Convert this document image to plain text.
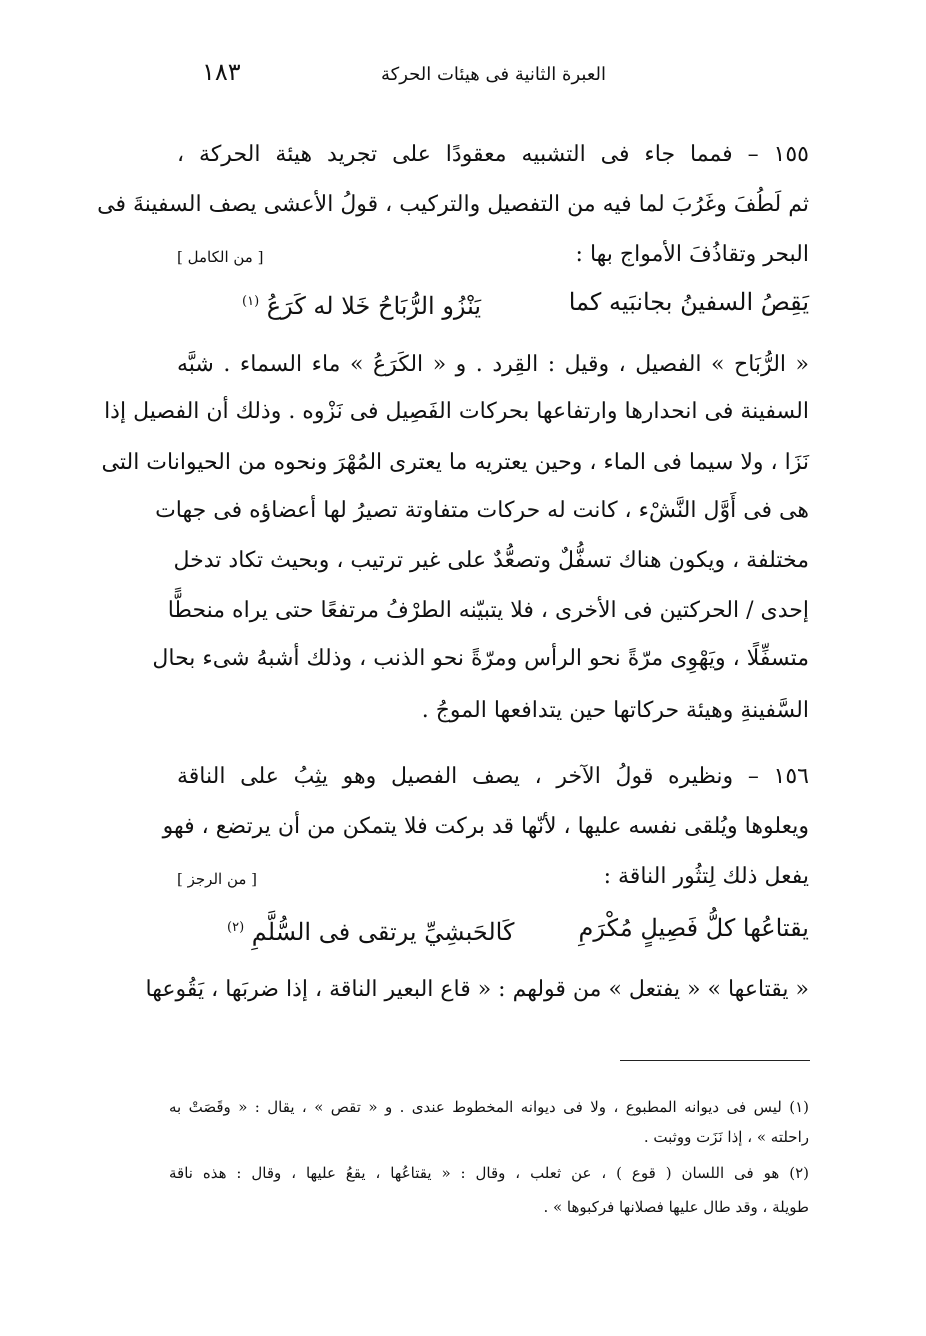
العبرة الثانية فى هيئات الحركة
١٨٣
١٥٥ – فمما جاء فى التشبيه معقودًا على تجريد هيئة الحركة ،
ثم لَطُفَ وغَرُبَ لما فيه من التفصيل والتركيب ، قولُ الأعشى يصف السفينةَ فى
البحر وتقاذُفَ الأمواج بها :
[ من الكامل ]
يَقِصُ السفينُ بجانبَيه كما
يَنْزُو الرُّبَاحُ خَلا له كَرَعُ $^{(١)}$
« الرُّبَاح » الفصيل ، وقيل : القِرد . و « الكَرَعُ » ماء السماء . شبَّه
السفينة فى انحدارها وارتفاعها بحركات الفَصِيل فى نَزْوه . وذلك أن الفصيل إذا
نَزَا ، ولا سيما فى الماء ، وحين يعتريه ما يعترى المُهْرَ ونحوه من الحيوانات التى
هى فى أَوَّل النَّشْء ، كانت له حركات متفاوتة تصيرُ لها أعضاؤه فى جهات
مختلفة ، ويكون هناك تسفُّلٌ وتصعُّدٌ على غير ترتيب ، وبحيث تكاد تدخل
إحدى / الحركتين فى الأخرى ، فلا يتبيّنه الطرْفُ مرتفعًا حتى يراه منحطًّا
متسفِّلًا ، ويَهْوِى مرّةً نحو الرأس ومرّةً نحو الذنب ، وذلك أشبهُ شىء بحال
السَّفينةِ وهيئة حركاتها حين يتدافعها الموجُ .
١٥٦ – ونظيره قولُ الآخر ، يصف الفصيل وهو يثِبُ على الناقة
ويعلوها ويُلقى نفسه عليها ، لأنّها قد بركت فلا يتمكن من أن يرتضع ، فهو
يفعل ذلك لِتثُور الناقة :
[ من الرجز ]
يقتاعُها كلُّ فَصِيلٍ مُكْرَمِ
كَالحَبشِيِّ يرتقى فى السُّلَّمِ $^{(٢)}$
« يقتاعها » « يفتعل » من قولهم : « قاع البعير الناقة ، إذا ضربَها ، يَقُوعها
(١) ليس فى ديوانه المطبوع ، ولا فى ديوانه المخطوط عندى . و « تقص » ، يقال : « وقَصَتْ به
راحلته » ، إذا نَزَت ووثبت .
(٢) هو فى اللسان ( قوع ) ، عن ثعلب ، وقال : « يقتاعُها ، يقعُ عليها ، وقال : هذه ناقة
طويلة ، وقد طال عليها فصلانها فركبوها » .
